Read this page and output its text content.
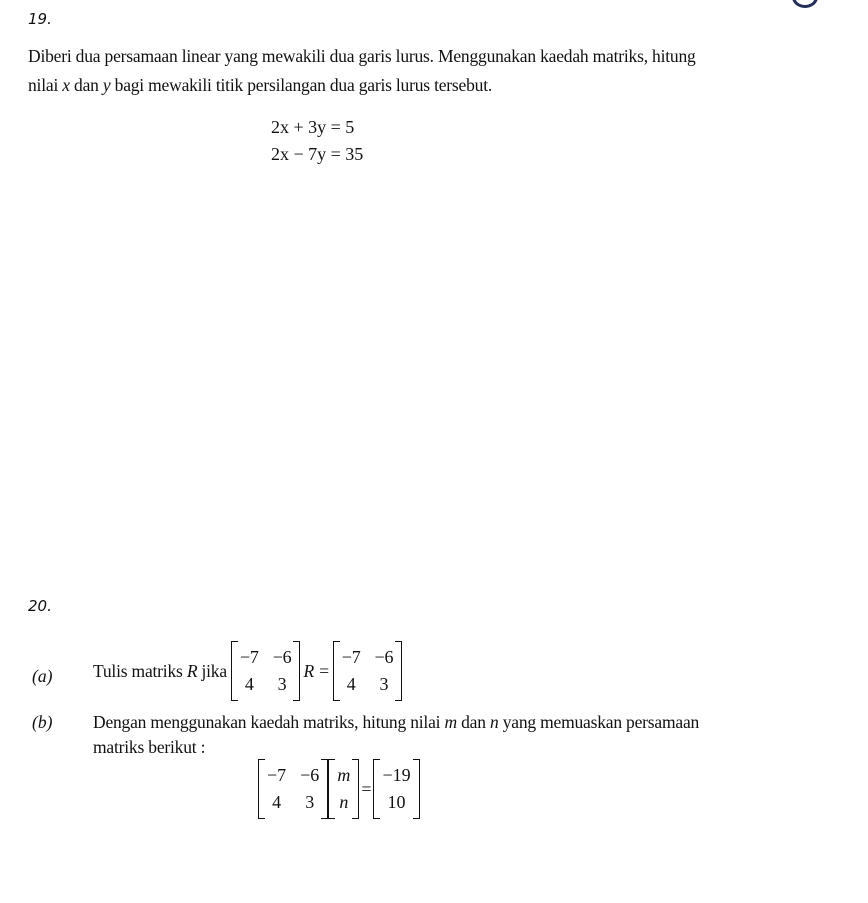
19.
Diberi dua persamaan linear yang mewakili dua garis lurus. Menggunakan kaedah matriks, hitung
nilai x dan y bagi mewakili titik persilangan dua garis lurus tersebut.
2x + 3y = 5
2x − 7y = 35
20.
(a) Tulis matriks R jika
−7 −6
4 3
R =
−7 −6
4 3
(b) Dengan menggunakan kaedah matriks, hitung nilai m dan n yang memuaskan persamaan
matriks berikut :
−7 −6
4 3
m
n
=
−19
10
